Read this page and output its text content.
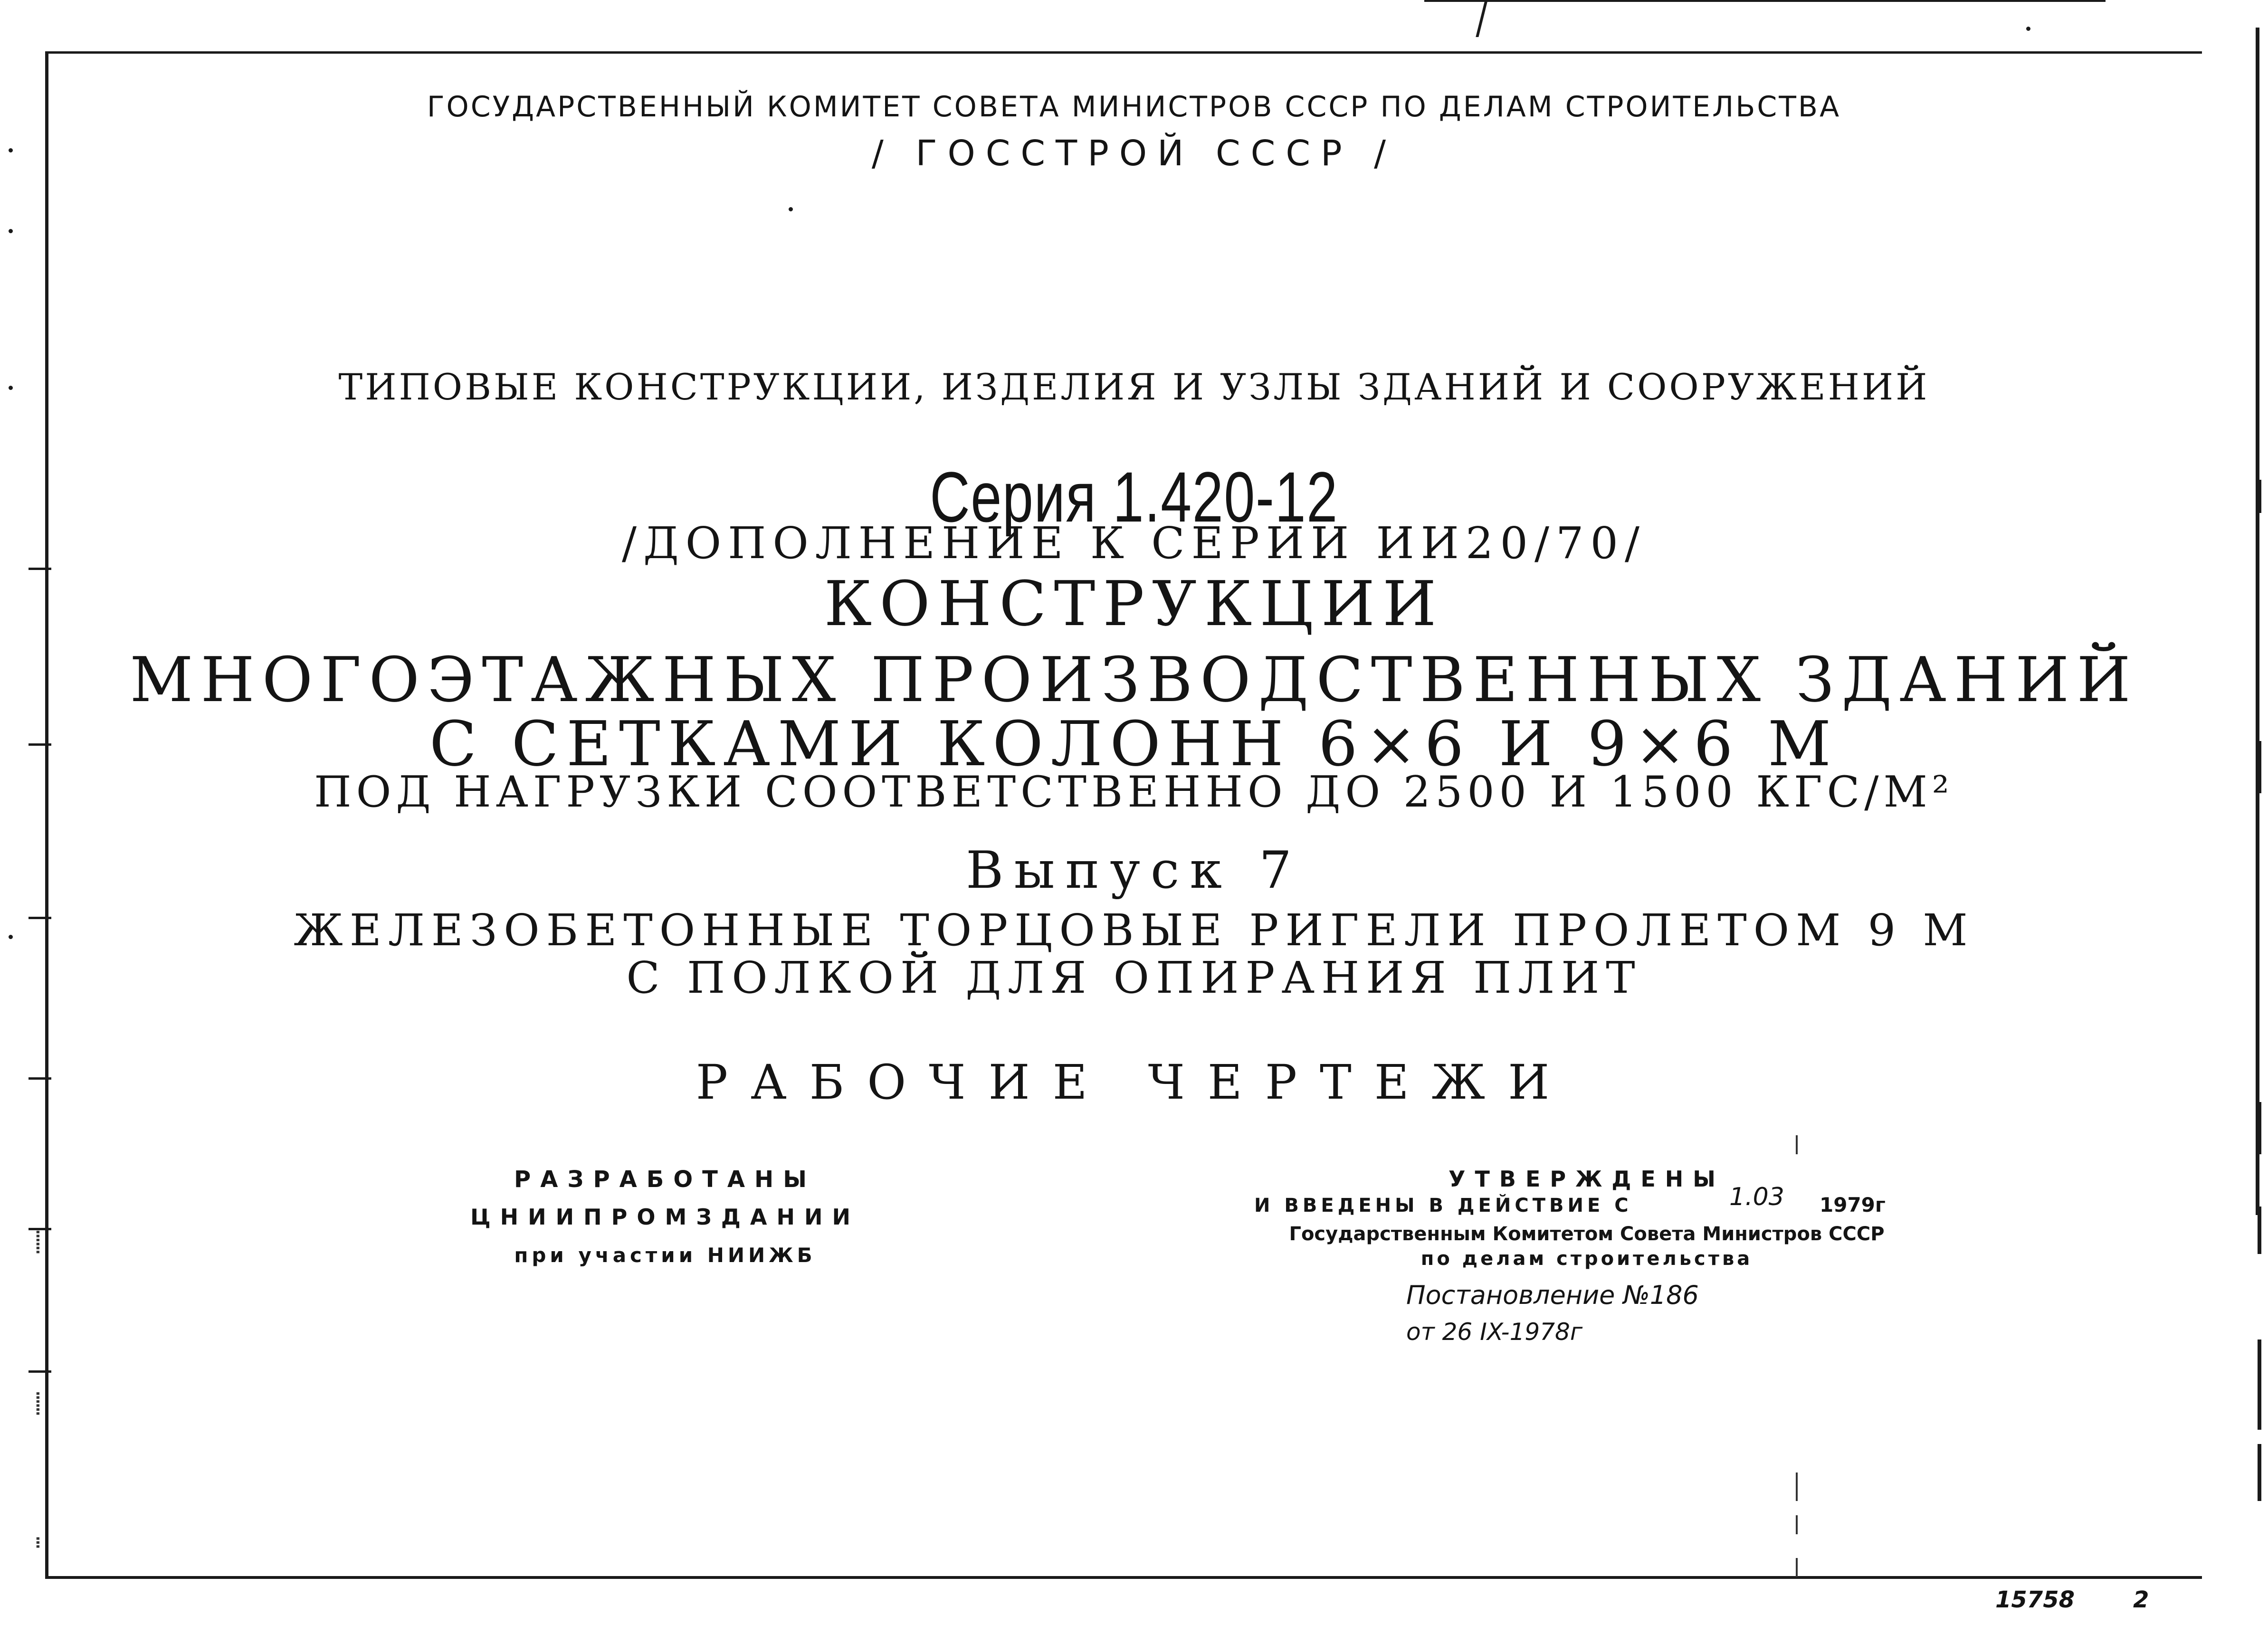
……
……
…
ГОСУДАРСТВЕННЫЙ КОМИТЕТ СОВЕТА МИНИСТРОВ СССР ПО ДЕЛАМ СТРОИТЕЛЬСТВА
/ ГОССТРОЙ СССР /
ТИПОВЫЕ КОНСТРУКЦИИ, ИЗДЕЛИЯ И УЗЛЫ ЗДАНИЙ И СООРУЖЕНИЙ
Серия 1.420-12
/ДОПОЛНЕНИЕ К СЕРИИ ИИ20/70/
КОНСТРУКЦИИ
МНОГОЭТАЖНЫХ ПРОИЗВОДСТВЕННЫХ ЗДАНИЙ
С СЕТКАМИ КОЛОНН 6×6 И 9×6 М
ПОД НАГРУЗКИ СООТВЕТСТВЕННО ДО 2500 И 1500 КГС/М²
Выпуск 7
ЖЕЛЕЗОБЕТОННЫЕ ТОРЦОВЫЕ РИГЕЛИ ПРОЛЕТОМ 9 М
С ПОЛКОЙ ДЛЯ ОПИРАНИЯ ПЛИТ
РАБОЧИЕ ЧЕРТЕЖИ
РАЗРАБОТАНЫ
ЦНИИПРОМЗДАНИИ
при участии НИИЖБ
УТВЕРЖДЕНЫ
И ВВЕДЕНЫ В ДЕЙСТВИЕ С	1.03 1979г
Государственным Комитетом Совета Министров СССР
по делам строительства
Постановление №186
от 26 IX-1978г
15758	2
